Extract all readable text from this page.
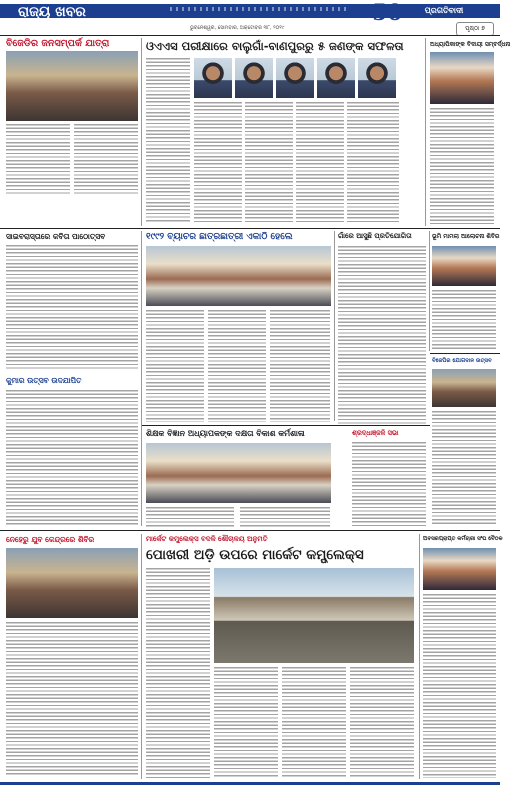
ରାଜ୍ୟ ଖବର	50	ପ୍ରଗତିବାଦୀ
ଭୁବନେଶ୍ୱର, ସୋମବାର, ଅକ୍ଟୋବର ୩୮, ୨୦୧୯	ପୃଷ୍ଠା ୭
ବିଜେଡିର ଜନସମ୍ପର୍କ ଯାତ୍ରା	ଓଏଏସ ପରୀକ୍ଷାରେ ବାଲୁଗାଁ-ବାଣପୁରରୁ ୫ ଜଣଙ୍କ ସଫଳତା	ଅଧ୍ୟାପିକାଙ୍କ ବିଦାୟୀ ସମ୍ବର୍ଦ୍ଧନା
ସାଇବରାସ୍ତାରେ କବିତା ପାଠୋତ୍ସବ
କୁମାର ଉତ୍ସବ ଉଦଯାପିତ
୧୯୯୨ ବ୍ୟାଚର ଛାତ୍ରଛାତ୍ରୀ ଏକାଠି ହେଲେ	ଗାଁରେ ଆସୁଛି ପ୍ରତିଯୋଗିତା	ଭୂମି ମାମଲା ଆଲୋଚନା ଶିବିର
ଶିକ୍ଷକ ବିଜ୍ଞାନ ଅଧ୍ୟାପକଙ୍କ ଦକ୍ଷତା ବିକାଶ କର୍ମଶାଳା	ଶ୍ରଦ୍ଧାଞ୍ଜଳି ସଭା
ବିଜେପିର ଯୋଗଦାନ ଉତ୍ସବ
ନେହେରୁ ଯୁବ କେନ୍ଦ୍ରରେ ଶିବିର	ମାର୍କେଟ କମ୍ପ୍ଲେକ୍ସ ବଦଳି ଶୌଚାଳୟ ଅନୁମତି
ପୋଖରୀ ଅଡ଼ି ଉପରେ ମାର୍କେଟ କମ୍ପ୍ଲେକ୍ସ
ଅବସରପ୍ରାପ୍ତ କର୍ମଚାରୀ ସଂଘ ବୈଠକ
